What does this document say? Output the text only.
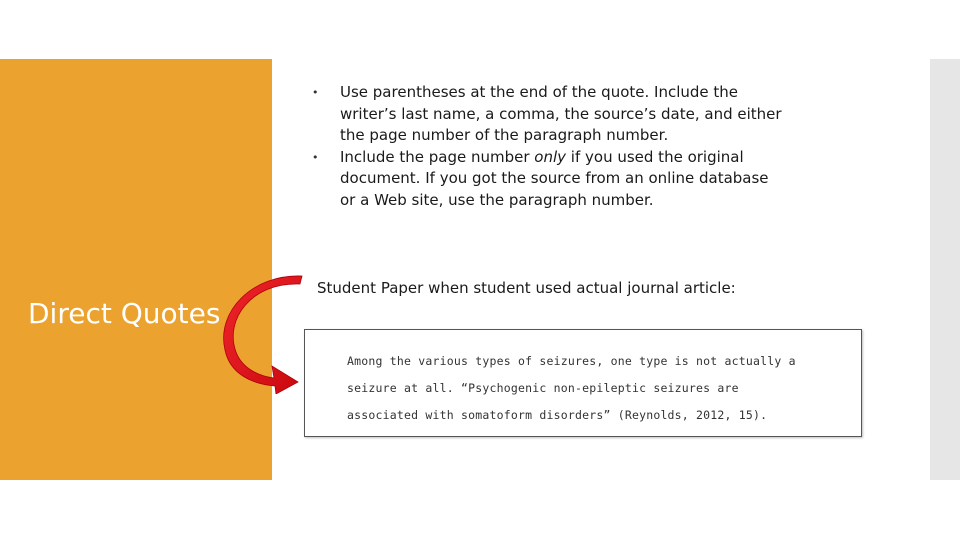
Direct Quotes
• Use parentheses at the end of the quote. Include the writer’s last name, a comma, the source’s date, and either the page number of the paragraph number.
• Include the page number only if you used the original document. If you got the source from an online database or a Web site, use the paragraph number.
Student Paper when student used actual journal article:
Among the various types of seizures, one type is not actually a
seizure at all. “Psychogenic non-epileptic seizures are
associated with somatoform disorders” (Reynolds, 2012, 15).
